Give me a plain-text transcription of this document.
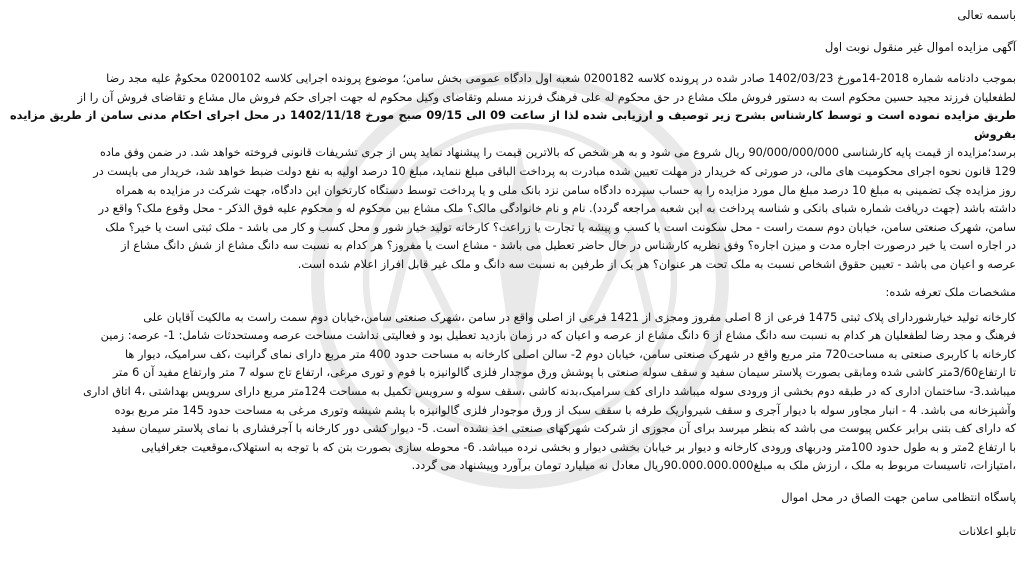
باسمه تعالی

آگهی مزایده اموال غیر منقول نوبت اول

بموجب دادنامه شماره 2018-14مورخ 1402/03/23 صادر شده در پرونده کلاسه 0200182 شعبه اول دادگاه عمومی بخش سامن؛ موضوع پرونده اجرایی کلاسه 0200102 محکومٌ علیه مجد رضا

لطفعلیان فرزند مجید حسین محکوم است به دستور فروش ملک مشاع در حق محکوم له علی فرهنگ فرزند مسلم وتقاضای وکیل محکوم له جهت اجرای حکم فروش مال مشاع و تقاضای فروش آن را از

طریق مزایده نموده است و توسط کارشناس بشرح زیر توصیف و ارزیابی شده لذا از ساعت 09 الی 09/15 صبح مورخ 1402/11/18 در محل اجرای احکام مدنی سامن از طریق مزایده بفروش

برسد؛مزایده از قیمت پایه کارشناسی 90/000/000/000 ریال شروع می شود و به هر شخص که بالاترین قیمت را پیشنهاد نماید پس از جری تشریفات قانونی فروخته خواهد شد. در ضمن وفق ماده

129 قانون نحوه اجرای محکومیت های مالی، در صورتی که خریدار در مهلت تعیین شده مبادرت به پرداخت الباقی مبلغ ننماید، مبلغ 10 درصد اولیه به نفع دولت ضبط خواهد شد، خریدار می بایست در

روز مزایده چک تضمینی به مبلغ 10 درصد مبلغ مال مورد مزایده را به حساب سپرده دادگاه سامن نزد بانک ملی و یا پرداخت توسط دستگاه کارتخوان این دادگاه، جهت شرکت در مزایده به همراه

داشته باشد (جهت دریافت شماره شبای بانکی و شناسه پرداخت به این شعبه مراجعه گردد). نام و نام خانوادگی مالک؟ ملک مشاع بین محکوم له و محکوم علیه فوق الذکر - محل وقوع ملک؟ واقع در

سامن، شهرک صنعتی سامن، خیابان دوم سمت راست - محل سکونت است یا کسب و پیشه یا تجارت یا زراعت؟ کارخانه تولید خیار شور و محل کسب و کار می باشد - ملک ثبتی است یا خیر؟ ملک

در اجاره است یا خیر درصورت اجاره مدت و میزن اجاره؟ وفق نظریه کارشناس در حال حاضر تعطیل می باشد - مشاع است یا مفروز؟ هر کدام به نسبت سه دانگ مشاع از شش دانگ مشاع از

عرصه و اعیان می باشد - تعیین حقوق اشخاص نسبت به ملک تحت هر عنوان؟ هر یک از طرفین به نسبت سه دانگ و ملک غیر قابل افراز اعلام شده است.

مشخصات ملک تعرفه شده:

کارخانه تولید خیارشوردارای پلاک ثبتی 1475 فرعی از 8 اصلی مفروز ومجزی از 1421 فرعی از اصلی واقع در سامن ،شهرک صنعتی سامن،خیابان دوم سمت راست به مالکیت آقایان علی

فرهنگ و مجد رضا لطفعلیان هر کدام به نسبت سه دانگ مشاع از 6 دانگ مشاع از عرصه و اعیان که در زمان بازدید تعطیل بود و فعالیتی نداشت مساحت عرصه ومستحدثات شامل: 1- عرصه: زمین

کارخانه با کاربری صنعتی به مساحت720 متر مربع واقع در شهرک صنعتی سامن، خیابان دوم 2- سالن اصلی کارخانه به مساحت حدود 400 متر مربع دارای نمای گرانیت ،کف سرامیک، دیوار ها

تا ارتفاع3/60متر کاشی شده ومابقی بصورت پلاستر سیمان سفید و سقف سوله صنعتی با پوشش ورق موجدار فلزی گالوانیزه با فوم و توری مرغی، ارتفاع تاج سوله 7 متر وارتفاع مفید آن 6 متر

میباشد.3- ساختمان اداری که در طبقه دوم بخشی از ورودی سوله میباشد دارای کف سرامیک،بدنه کاشی ،سقف سوله و سرویس تکمیل به مساحت 124متر مربع دارای سرویس بهداشتی ،4 اتاق اداری

وآشپزخانه می باشد. 4 - انبار مجاور سوله با دیوار آجری و سقف شیرواریک طرفه با سقف سبک از ورق موجودار فلزی گالوانیزه با پشم شیشه وتوری مرغی به مساحت حدود 145 متر مربع بوده

که دارای کف بتنی برابر عکس پیوست می باشد که بنظر میرسد برای آن مجوزی از شرکت شهرکهای صنعتی اخذ نشده است. 5- دیوار کشی دور کارخانه با آجرفشاری با نمای پلاستر سیمان سفید

با ارتفاع 2متر و به طول حدود 100متر ودربهای ورودی کارخانه و دیوار بر خیابان بخشی دیوار و بخشی نرده میباشد. 6- محوطه سازی بصورت بتن که با توجه به استهلاک،موقعیت جغرافیایی

،امتیازات، تاسیسات مربوط به ملک ، ارزش ملک به مبلغ90.000.000.000ریال معادل نه میلیارد تومان برآورد وپیشنهاد می گردد.

پاسگاه انتظامی سامن جهت الصاق در محل اموال

تابلو اعلانات
